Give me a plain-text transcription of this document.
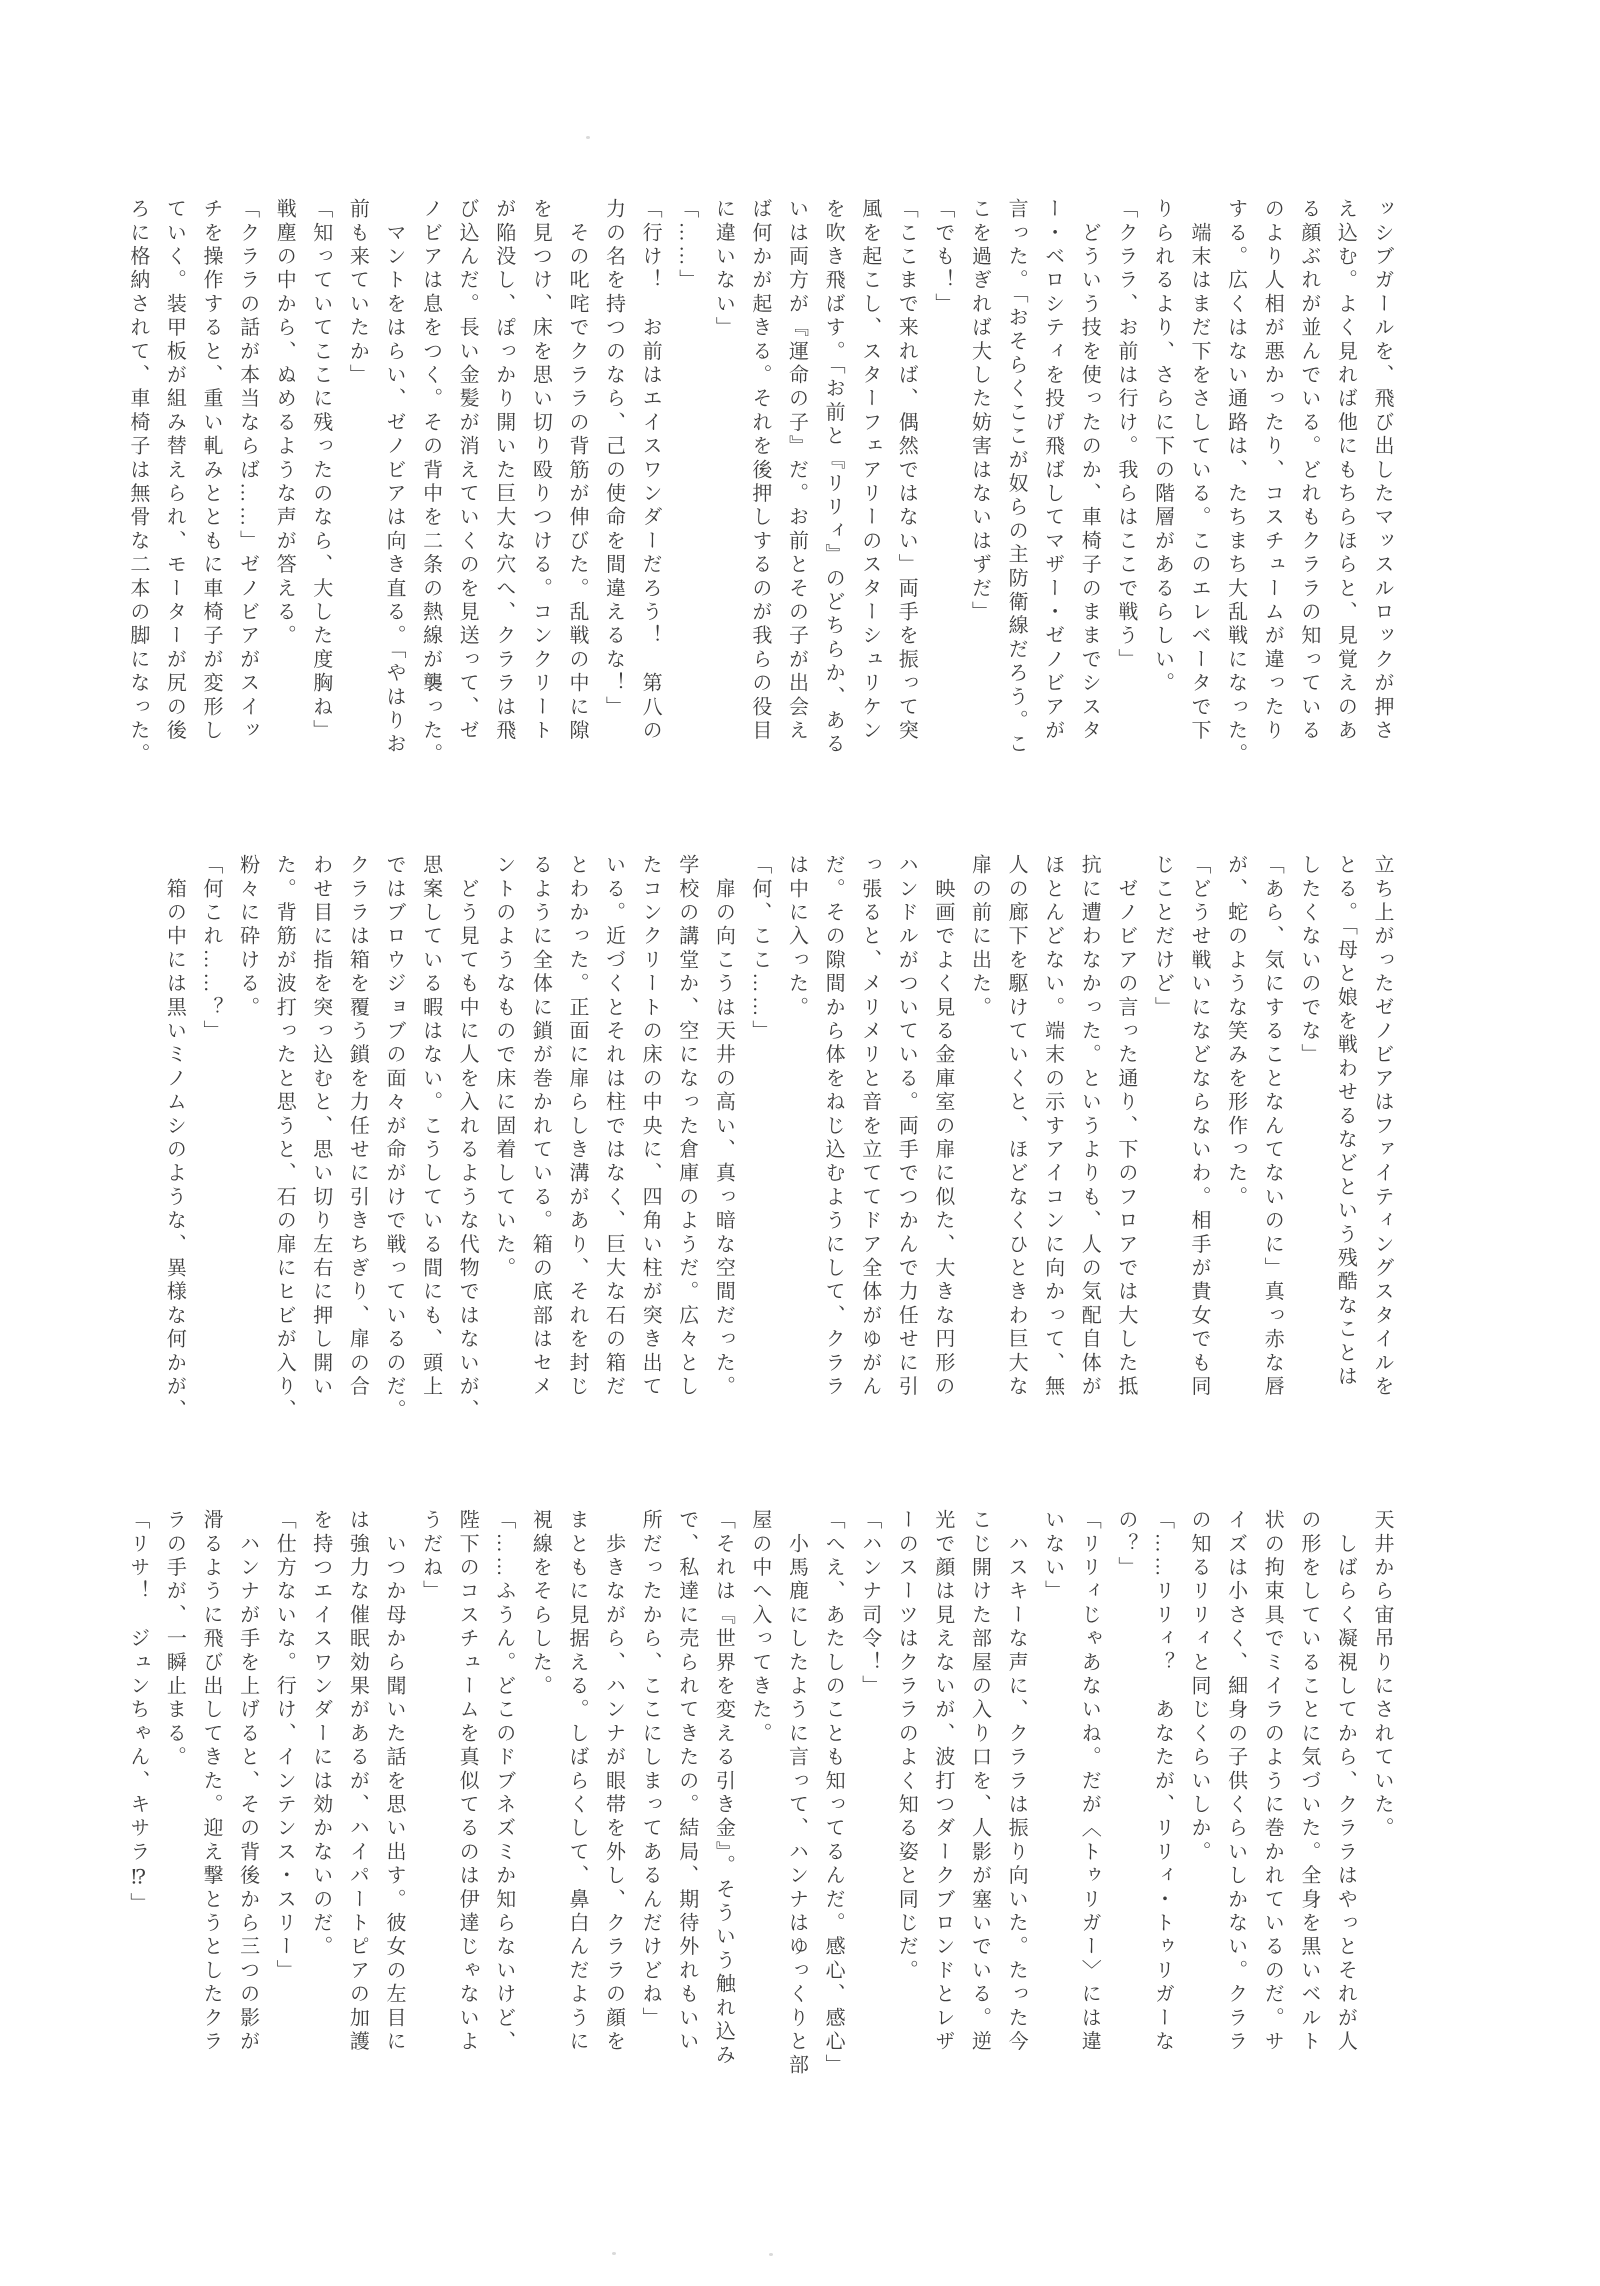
ッシブガールを、飛び出したマッスルロックが押さ
え込む。よく見れば他にもちらほらと、見覚えのあ
る顔ぶれが並んでいる。どれもクララの知っている
のより人相が悪かったり、コスチュームが違ったり
する。広くはない通路は、たちまち大乱戦になった。
　端末はまだ下をさしている。このエレベータで下
りられるより、さらに下の階層があるらしい。
「クララ、お前は行け。我らはここで戦う」
　どういう技を使ったのか、車椅子のままでシスタ
ー・ベロシティを投げ飛ばしてマザー・ゼノビアが
言った。「おそらくここが奴らの主防衛線だろう。こ
こを過ぎれば大した妨害はないはずだ」
「でも！」
「ここまで来れば、偶然ではない」両手を振って突
風を起こし、スターフェアリーのスターシュリケン
を吹き飛ばす。「お前と『リリィ』のどちらか、ある
いは両方が『運命の子』だ。お前とその子が出会え
ば何かが起きる。それを後押しするのが我らの役目
に違いない」
「……」
「行け！　お前はエイスワンダーだろう！　第八の
力の名を持つのなら、己の使命を間違えるな！」
　その叱咤でクララの背筋が伸びた。乱戦の中に隙
を見つけ、床を思い切り殴りつける。コンクリート
が陥没し、ぽっかり開いた巨大な穴へ、クララは飛
び込んだ。長い金髪が消えていくのを見送って、ゼ
ノビアは息をつく。その背中を二条の熱線が襲った。
　マントをはらい、ゼノビアは向き直る。「やはりお
前も来ていたか」
「知っていてここに残ったのなら、大した度胸ね」
戦塵の中から、ぬめるような声が答える。
「クララの話が本当ならば……」ゼノビアがスイッ
チを操作すると、重い軋みとともに車椅子が変形し
ていく。装甲板が組み替えられ、モーターが尻の後
ろに格納されて、車椅子は無骨な二本の脚になった。
立ち上がったゼノビアはファイティングスタイルを
とる。「母と娘を戦わせるなどという残酷なことは
したくないのでな」
「あら、気にすることなんてないのに」真っ赤な唇
が、蛇のような笑みを形作った。
「どうせ戦いになどならないわ。相手が貴女でも同
じことだけど」
　ゼノビアの言った通り、下のフロアでは大した抵
抗に遭わなかった。というよりも、人の気配自体が
ほとんどない。端末の示すアイコンに向かって、無
人の廊下を駆けていくと、ほどなくひときわ巨大な
扉の前に出た。
　映画でよく見る金庫室の扉に似た、大きな円形の
ハンドルがついている。両手でつかんで力任せに引
っ張ると、メリメリと音を立ててドア全体がゆがん
だ。その隙間から体をねじ込むようにして、クララ
は中に入った。
「何、ここ……」
　扉の向こうは天井の高い、真っ暗な空間だった。
学校の講堂か、空になった倉庫のようだ。広々とし
たコンクリートの床の中央に、四角い柱が突き出て
いる。近づくとそれは柱ではなく、巨大な石の箱だ
とわかった。正面に扉らしき溝があり、それを封じ
るように全体に鎖が巻かれている。箱の底部はセメ
ントのようなもので床に固着していた。
　どう見ても中に人を入れるような代物ではないが、
思案している暇はない。こうしている間にも、頭上
ではブロウジョブの面々が命がけで戦っているのだ。
クララは箱を覆う鎖を力任せに引きちぎり、扉の合
わせ目に指を突っ込むと、思い切り左右に押し開い
た。背筋が波打ったと思うと、石の扉にヒビが入り、
粉々に砕ける。
「何これ……？」
　箱の中には黒いミノムシのような、異様な何かが、
天井から宙吊りにされていた。
　しばらく凝視してから、クララはやっとそれが人
の形をしていることに気づいた。全身を黒いベルト
状の拘束具でミイラのように巻かれているのだ。サ
イズは小さく、細身の子供くらいしかない。クララ
の知るリリィと同じくらいしか。
「……リリィ？　あなたが、リリィ・トゥリガーな
の？」
「リリィじゃあないね。だが〈トゥリガー〉には違
いない」
　ハスキーな声に、クララは振り向いた。たった今
こじ開けた部屋の入り口を、人影が塞いでいる。逆
光で顔は見えないが、波打つダークブロンドとレザ
ーのスーツはクララのよく知る姿と同じだ。
「ハンナ司令！」
「へえ、あたしのことも知ってるんだ。感心、感心」
　小馬鹿にしたように言って、ハンナはゆっくりと部
屋の中へ入ってきた。
「それは『世界を変える引き金』。そういう触れ込み
で、私達に売られてきたの。結局、期待外れもいい
所だったから、ここにしまってあるんだけどね」
　歩きながら、ハンナが眼帯を外し、クララの顔を
まともに見据える。しばらくして、鼻白んだように
視線をそらした。
「……ふうん。どこのドブネズミか知らないけど、
陛下のコスチュームを真似てるのは伊達じゃないよ
うだね」
　いつか母から聞いた話を思い出す。彼女の左目に
は強力な催眠効果があるが、ハイパートピアの加護
を持つエイスワンダーには効かないのだ。
「仕方ないな。行け、インテンス・スリー」
　ハンナが手を上げると、その背後から三つの影が
滑るように飛び出してきた。迎え撃とうとしたクラ
ラの手が、一瞬止まる。
「リサ！　ジュンちゃん、キサラ⁉」
